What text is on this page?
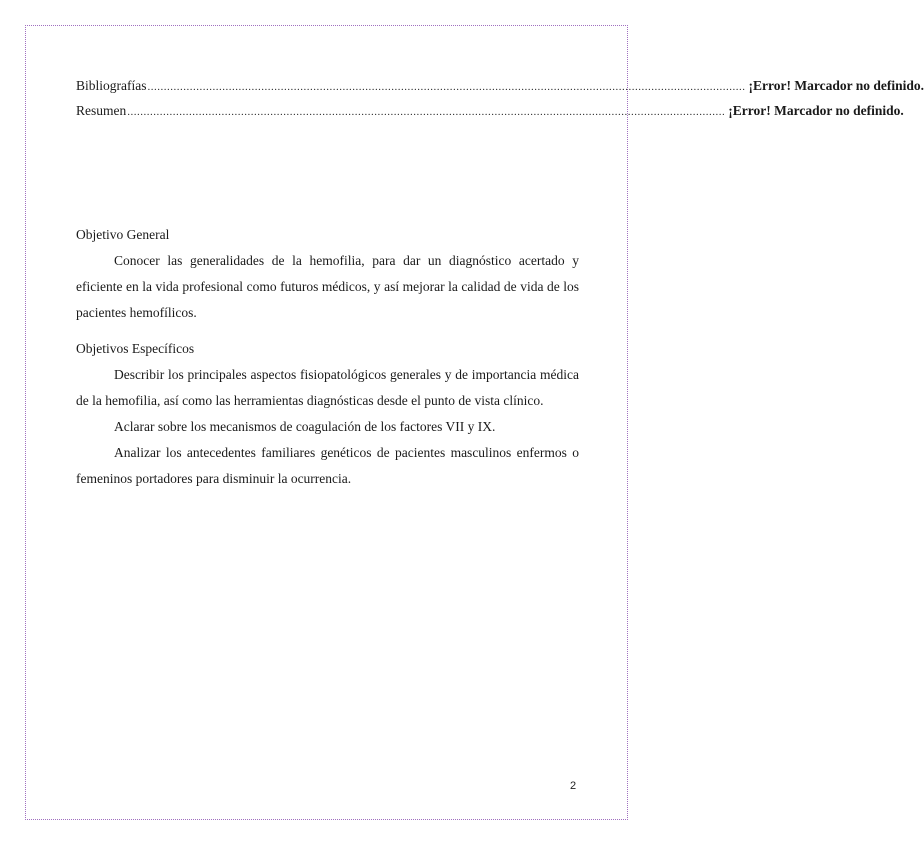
Bibliografías ........................................................................................................................................................................................ ¡Error! Marcador no definido.
Resumen ........................................................................................................................................................................................ ¡Error! Marcador no definido.

Objetivo General

Conocer las generalidades de la hemofilia, para dar un diagnóstico acertado y eficiente en la vida profesional como futuros médicos, y así mejorar la calidad de vida de los pacientes hemofílicos.

Objetivos Específicos

Describir los principales aspectos fisiopatológicos generales y de importancia médica de la hemofilia, así como las herramientas diagnósticas desde el punto de vista clínico.

Aclarar sobre los mecanismos de coagulación de los factores VII y IX.

Analizar los antecedentes familiares genéticos de pacientes masculinos enfermos o femeninos portadores para disminuir la ocurrencia.

2
